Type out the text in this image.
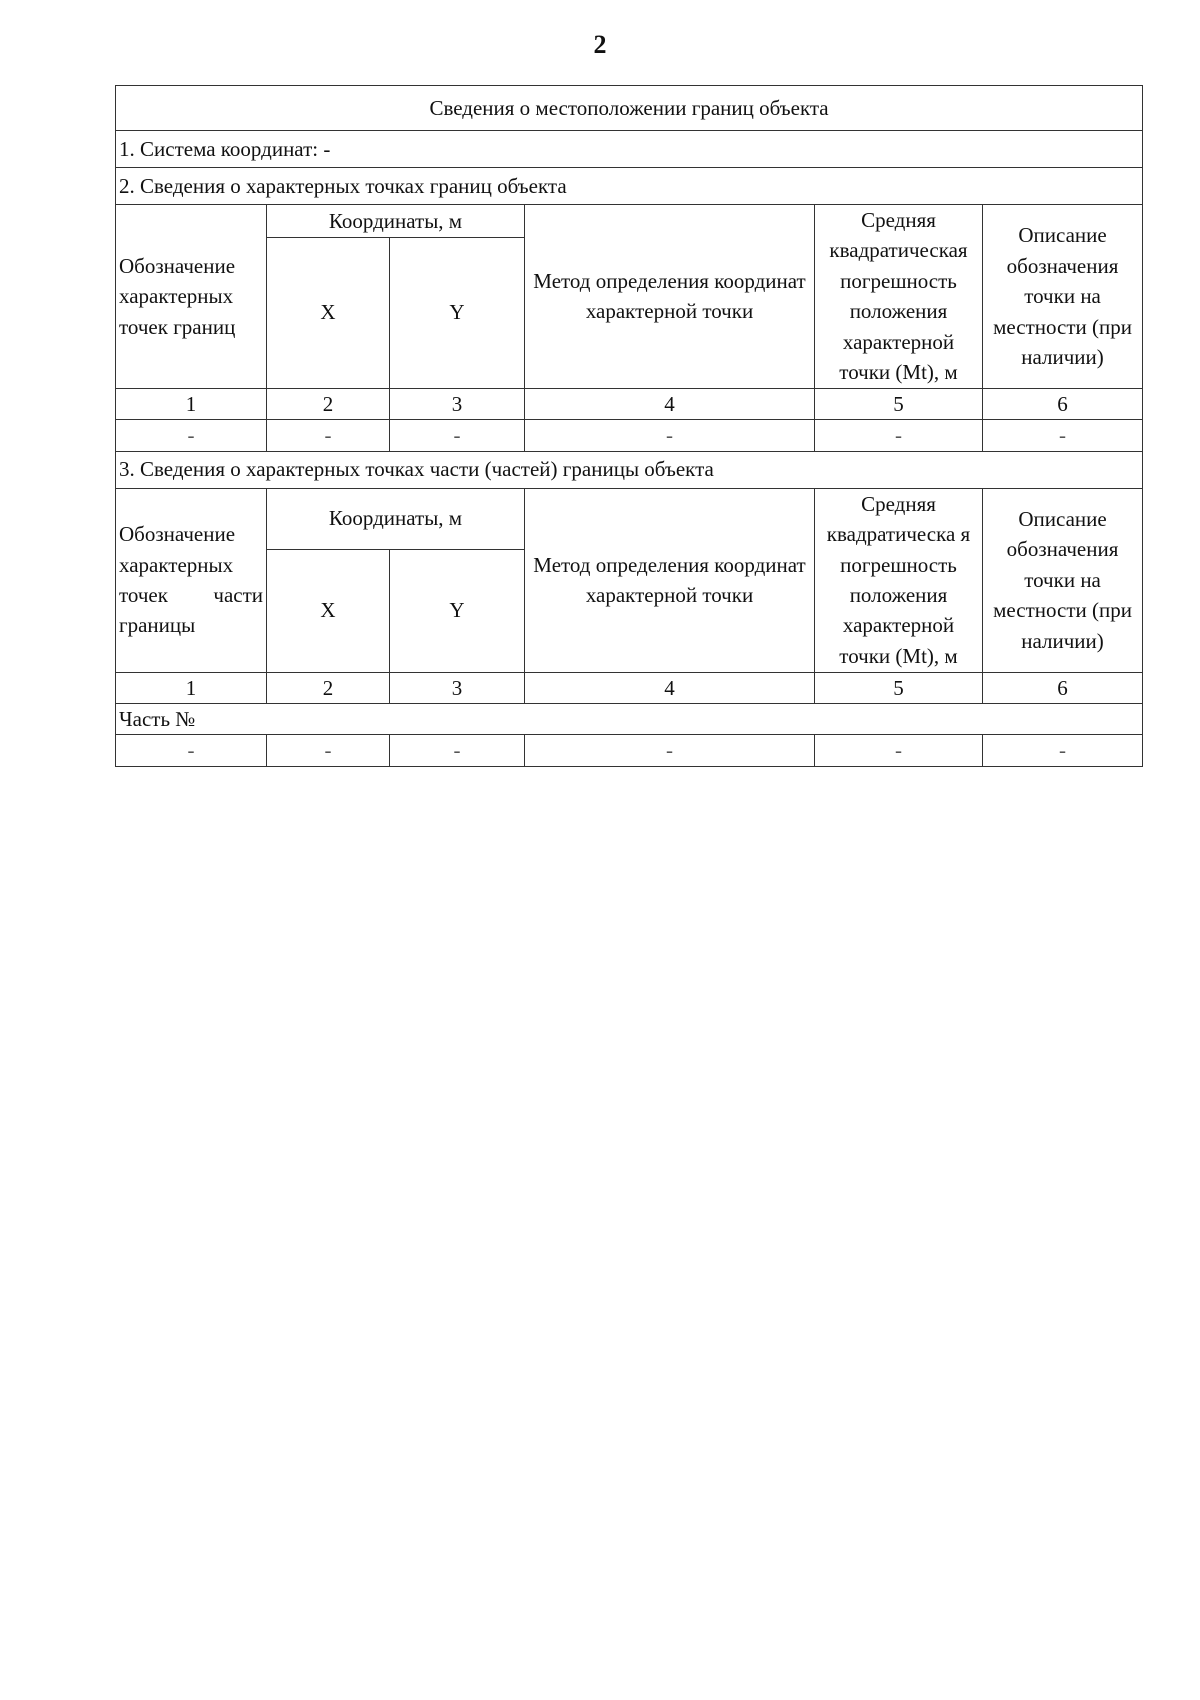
2
Сведения о местоположении границ объекта					
1. Система координат: -					
2. Сведения о характерных точках границ объекта					
Обозначение характерных точек границ	Координаты, м		Метод определения координат характерной точки	Средняя квадратическая погрешность положения характерной точки (Mt), м	Описание обозначения точки на местности (при наличии)
	X	Y			
1	2	3	4	5	6
-	-	-	-	-	-
3. Сведения о характерных точках части (частей) границы объекта					
Обозначение характерных точек части границы	Координаты, м		Метод определения координат характерной точки	Средняя квадратическа я погрешность положения характерной точки (Mt), м	Описание обозначения точки на местности (при наличии)
	X	Y			
1	2	3	4	5	6
Часть №					
-	-	-	-	-	-
